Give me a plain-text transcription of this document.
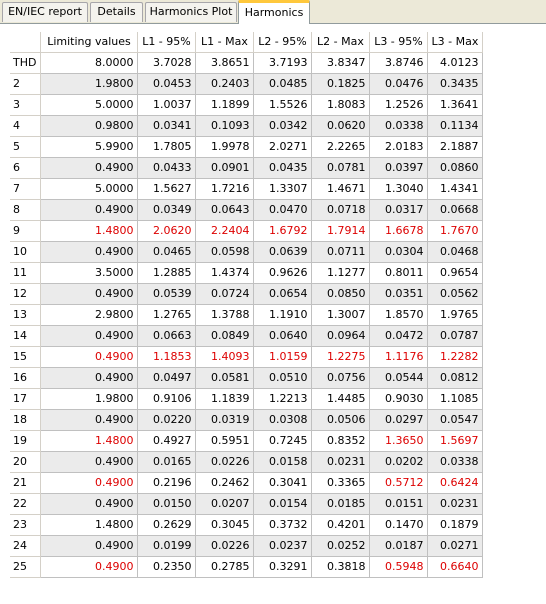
EN/IEC report	Details	Harmonics Plot	Harmonics
	Limiting values	L1 - 95%	L1 - Max	L2 - 95%	L2 - Max	L3 - 95%	L3 - Max
THD	8.0000	3.7028	3.8651	3.7193	3.8347	3.8746	4.0123
2	1.9800	0.0453	0.2403	0.0485	0.1825	0.0476	0.3435
3	5.0000	1.0037	1.1899	1.5526	1.8083	1.2526	1.3641
4	0.9800	0.0341	0.1093	0.0342	0.0620	0.0338	0.1134
5	5.9900	1.7805	1.9978	2.0271	2.2265	2.0183	2.1887
6	0.4900	0.0433	0.0901	0.0435	0.0781	0.0397	0.0860
7	5.0000	1.5627	1.7216	1.3307	1.4671	1.3040	1.4341
8	0.4900	0.0349	0.0643	0.0470	0.0718	0.0317	0.0668
9	1.4800	2.0620	2.2404	1.6792	1.7914	1.6678	1.7670
10	0.4900	0.0465	0.0598	0.0639	0.0711	0.0304	0.0468
11	3.5000	1.2885	1.4374	0.9626	1.1277	0.8011	0.9654
12	0.4900	0.0539	0.0724	0.0654	0.0850	0.0351	0.0562
13	2.9800	1.2765	1.3788	1.1910	1.3007	1.8570	1.9765
14	0.4900	0.0663	0.0849	0.0640	0.0964	0.0472	0.0787
15	0.4900	1.1853	1.4093	1.0159	1.2275	1.1176	1.2282
16	0.4900	0.0497	0.0581	0.0510	0.0756	0.0544	0.0812
17	1.9800	0.9106	1.1839	1.2213	1.4485	0.9030	1.1085
18	0.4900	0.0220	0.0319	0.0308	0.0506	0.0297	0.0547
19	1.4800	0.4927	0.5951	0.7245	0.8352	1.3650	1.5697
20	0.4900	0.0165	0.0226	0.0158	0.0231	0.0202	0.0338
21	0.4900	0.2196	0.2462	0.3041	0.3365	0.5712	0.6424
22	0.4900	0.0150	0.0207	0.0154	0.0185	0.0151	0.0231
23	1.4800	0.2629	0.3045	0.3732	0.4201	0.1470	0.1879
24	0.4900	0.0199	0.0226	0.0237	0.0252	0.0187	0.0271
25	0.4900	0.2350	0.2785	0.3291	0.3818	0.5948	0.6640
